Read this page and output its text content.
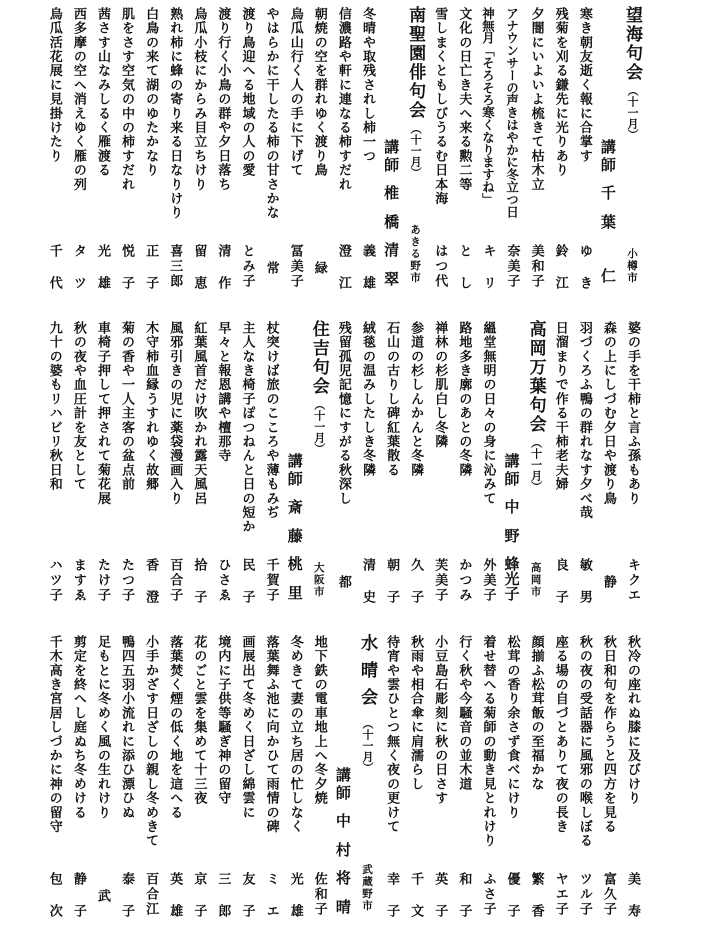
望海句会（十一月）
小樽市
講師
千葉
仁
寒き朝友逝く報に合掌す
ゆき
残菊を刈る鎌先に光りあり
鈴江
夕闇にいよいよ梳きて枯木立
美和子
アナウンサーの声きはやかに冬立つ日
奈美子
神無月「そろそろ寒くなりますね」
キリ
文化の日亡き夫へ来る勲二等
とし
雪しまくともしびうるむ日本海
はつ代
南聖園俳句会（十一月）
あきる野市
講師
椎橋
清翠
冬晴や取残されし柿一つ
義雄
信濃路や軒に連なる柿すだれ
澄江
朝焼の空を群れゆく渡り鳥
緑
烏瓜山行く人の手に下げて
冨美子
やはらかに干したる柿の甘さかな
常
渡り鳥迎へる地域の人の愛
とみ子
渡り行く小鳥の群や夕日落ち
清作
烏瓜小枝にからみ目立ちけり
留恵
熟れ柿に蜂の寄り来る日なりけり
喜三郎
白鳥の来て湖のゆたかなり
正子
肌をさす空気の中の柿すだれ
悦子
茜さす山なみしるく雁渡る
光雄
西多摩の空へ消えゆく雁の列
タツ
烏瓜活花展に見掛けたり
千代
婆の手を干柿と言ふ孫もあり
キクエ
森の上にしづむ夕日や渡り鳥
静
羽づくろふ鴨の群れなす夕べ哉
敏男
日溜まりで作る干柿老夫婦
良子
高岡万葉句会（十一月）
高岡市
講師
中野
蜂光子
縕堂無明の日々の身に沁みて
外美子
路地多き廓のあとの冬隣
かつみ
禅林の杉肌白し冬隣
芙美子
参道の杉しんかんと冬隣
久子
石山の古りし碑紅葉散る
朝子
絨毯の温みしたしき冬隣
清史
残留孤児記憶にすがる秋深し
都
住吉句会（十一月）
大阪市
講師
斎藤
桃里
杖突けば旅のこころや薄もみぢ
千賀子
主人なき椅子ぽつねんと日の短か
民子
早々と報恩講や檀那寺
ひさゑ
紅葉風首だけ吹かれ露天風呂
拾子
風邪引きの児に薬袋漫画入り
百合子
木守柿血縁うすれゆく故郷
香澄
菊の香や一人主客の盆点前
たつ子
車椅子押して押されて菊花展
たけ子
秋の夜や血圧計を友として
ますゑ
九十の婆もリハビリ秋日和
ハツ子
秋冷の座れぬ膝に及びけり
美寿
秋日和句を作らうと四方を見る
富久子
秋の夜の受話器に風邪の喉しぼる
ツル子
座る場の自づとありて夜の長き
ヤエ子
顔揃ふ松茸飯の至福かな
繁香
松茸の香り余さず食べにけり
優子
着せ替へる菊師の動き見とれけり
ふさ子
行く秋や今騒音の並木道
和子
小豆島石彫刻に秋の日さす
英子
秋雨や相合傘に肩濡らし
千文
待宵や雲ひとつ無く夜の更けて
幸子
水晴会（十一月）
武蔵野市
講師
中村
将晴
地下鉄の電車地上へ冬夕焼
佐和子
冬めきて妻の立ち居の忙しなく
光雄
落葉舞ふ池に向かひて雨情の碑
ミエ
画展出て冬めく日ざし綿雲に
友子
境内に子供等騒ぎ神の留守
三郎
花のごと雲を集めて十三夜
京子
落葉焚く煙の低く地を這へる
英雄
小手かざす日ざしの親し冬めきて
百合江
鴨四五羽小流れに添ひ漂ひぬ
泰子
足もとに冬めく風の生れけり
武
剪定を終へし庭ぬち冬めける
静子
千木高き宮居しづかに神の留守
包次
